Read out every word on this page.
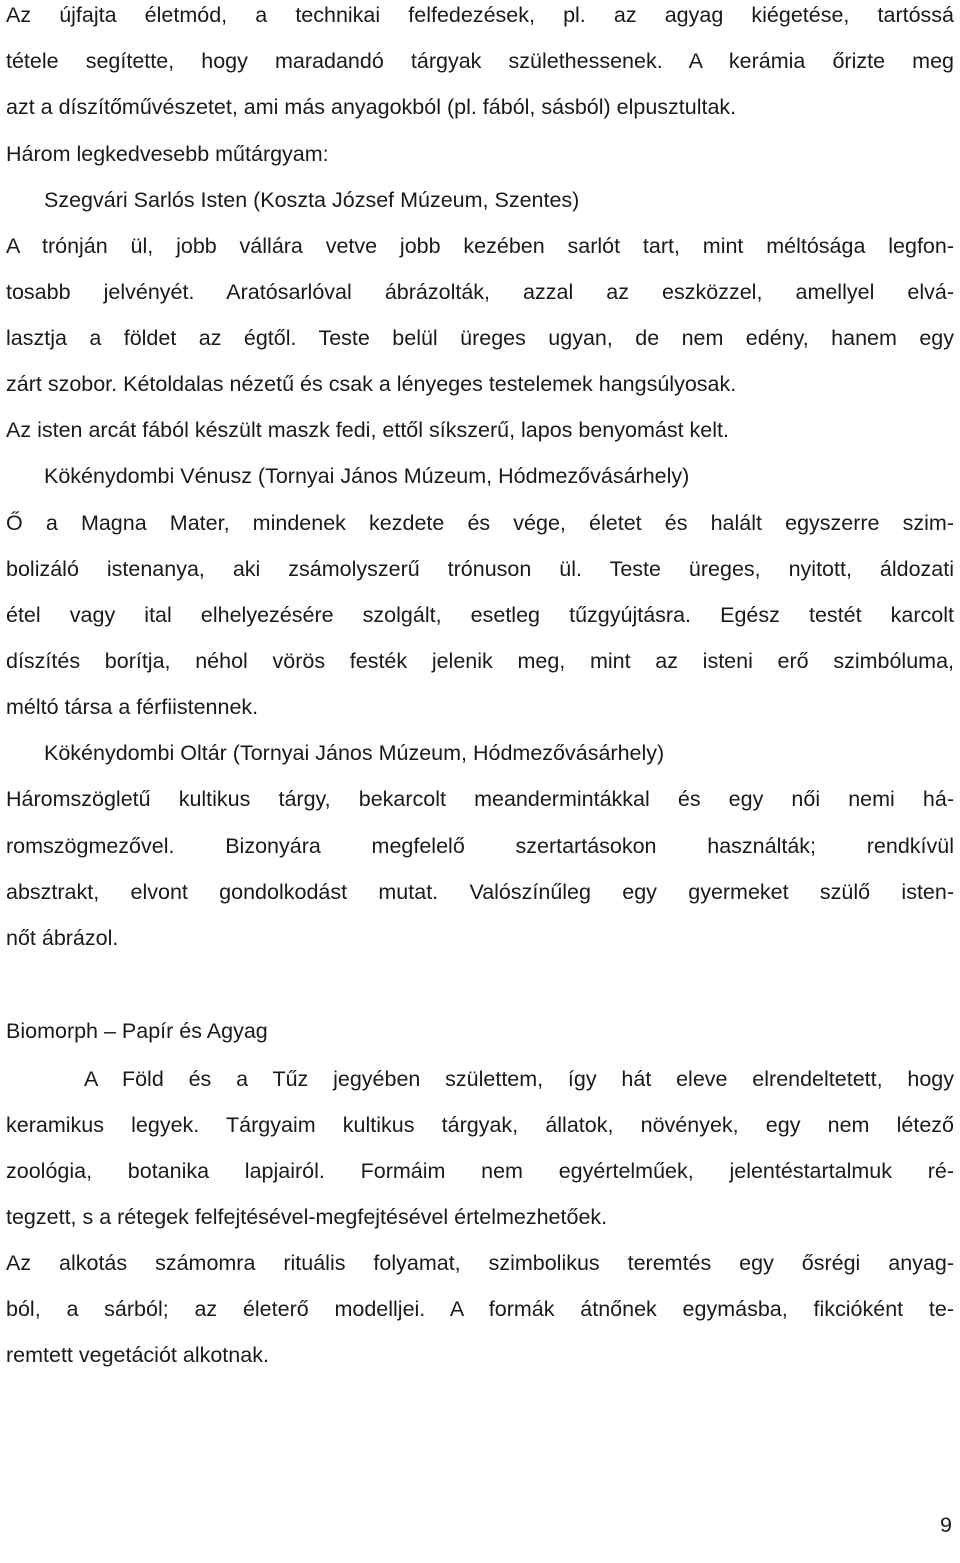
Az újfajta életmód, a technikai felfedezések, pl. az agyag kiégetése, tartóssá
tétele segítette, hogy maradandó tárgyak születhessenek. A kerámia őrizte meg
azt a díszítőművészetet, ami más anyagokból (pl. fából, sásból) elpusztultak.
Három legkedvesebb műtárgyam:
Szegvári Sarlós Isten (Koszta József Múzeum, Szentes)
A trónján ül, jobb vállára vetve jobb kezében sarlót tart, mint méltósága legfon-
tosabb jelvényét. Aratósarlóval ábrázolták, azzal az eszközzel, amellyel elvá-
lasztja a földet az égtől. Teste belül üreges ugyan, de nem edény, hanem egy
zárt szobor. Kétoldalas nézetű és csak a lényeges testelemek hangsúlyosak.
Az isten arcát fából készült maszk fedi, ettől síkszerű, lapos benyomást kelt.
Kökénydombi Vénusz (Tornyai János Múzeum, Hódmezővásárhely)
Ő a Magna Mater, mindenek kezdete és vége, életet és halált egyszerre szim-
bolizáló istenanya, aki zsámolyszerű trónuson ül. Teste üreges, nyitott, áldozati
étel vagy ital elhelyezésére szolgált, esetleg tűzgyújtásra. Egész testét karcolt
díszítés borítja, néhol vörös festék jelenik meg, mint az isteni erő szimbóluma,
méltó társa a férfiistennek.
Kökénydombi Oltár (Tornyai János Múzeum, Hódmezővásárhely)
Háromszögletű kultikus tárgy, bekarcolt meandermintákkal és egy női nemi há-
romszögmezővel. Bizonyára megfelelő szertartásokon használták; rendkívül
absztrakt, elvont gondolkodást mutat. Valószínűleg egy gyermeket szülő isten-
nőt ábrázol.
Biomorph – Papír és Agyag
A Föld és a Tűz jegyében születtem, így hát eleve elrendeltetett, hogy
keramikus legyek. Tárgyaim kultikus tárgyak, állatok, növények, egy nem létező
zoológia, botanika lapjairól. Formáim nem egyértelműek, jelentéstartalmuk ré-
tegzett, s a rétegek felfejtésével-megfejtésével értelmezhetőek.
Az alkotás számomra rituális folyamat, szimbolikus teremtés egy ősrégi anyag-
ból, a sárból; az életerő modelljei. A formák átnőnek egymásba, fikcióként te-
remtett vegetációt alkotnak.
9
